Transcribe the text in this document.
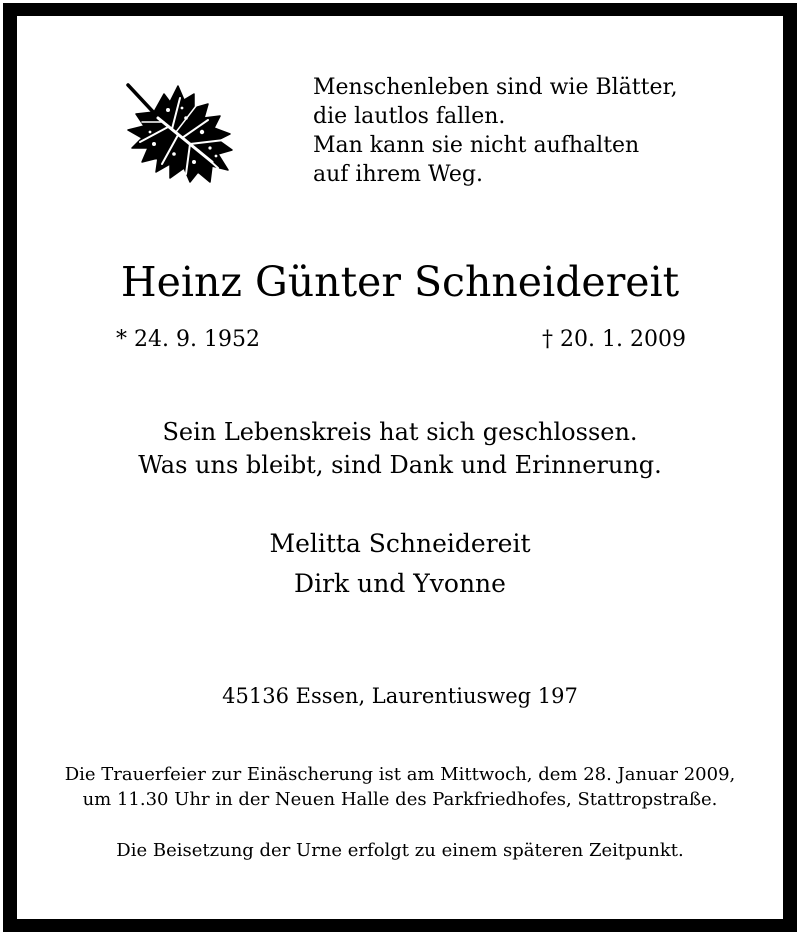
Menschenleben sind wie Blätter,
die lautlos fallen.
Man kann sie nicht aufhalten
auf ihrem Weg.
Heinz Günter Schneidereit
* 24. 9. 1952	† 20. 1. 2009
Sein Lebenskreis hat sich geschlossen.
Was uns bleibt, sind Dank und Erinnerung.
Melitta Schneidereit
Dirk und Yvonne
45136 Essen, Laurentiusweg 197
Die Trauerfeier zur Einäscherung ist am Mittwoch, dem 28. Januar 2009,
um 11.30 Uhr in der Neuen Halle des Parkfriedhofes, Stattropstraße.
Die Beisetzung der Urne erfolgt zu einem späteren Zeitpunkt.
